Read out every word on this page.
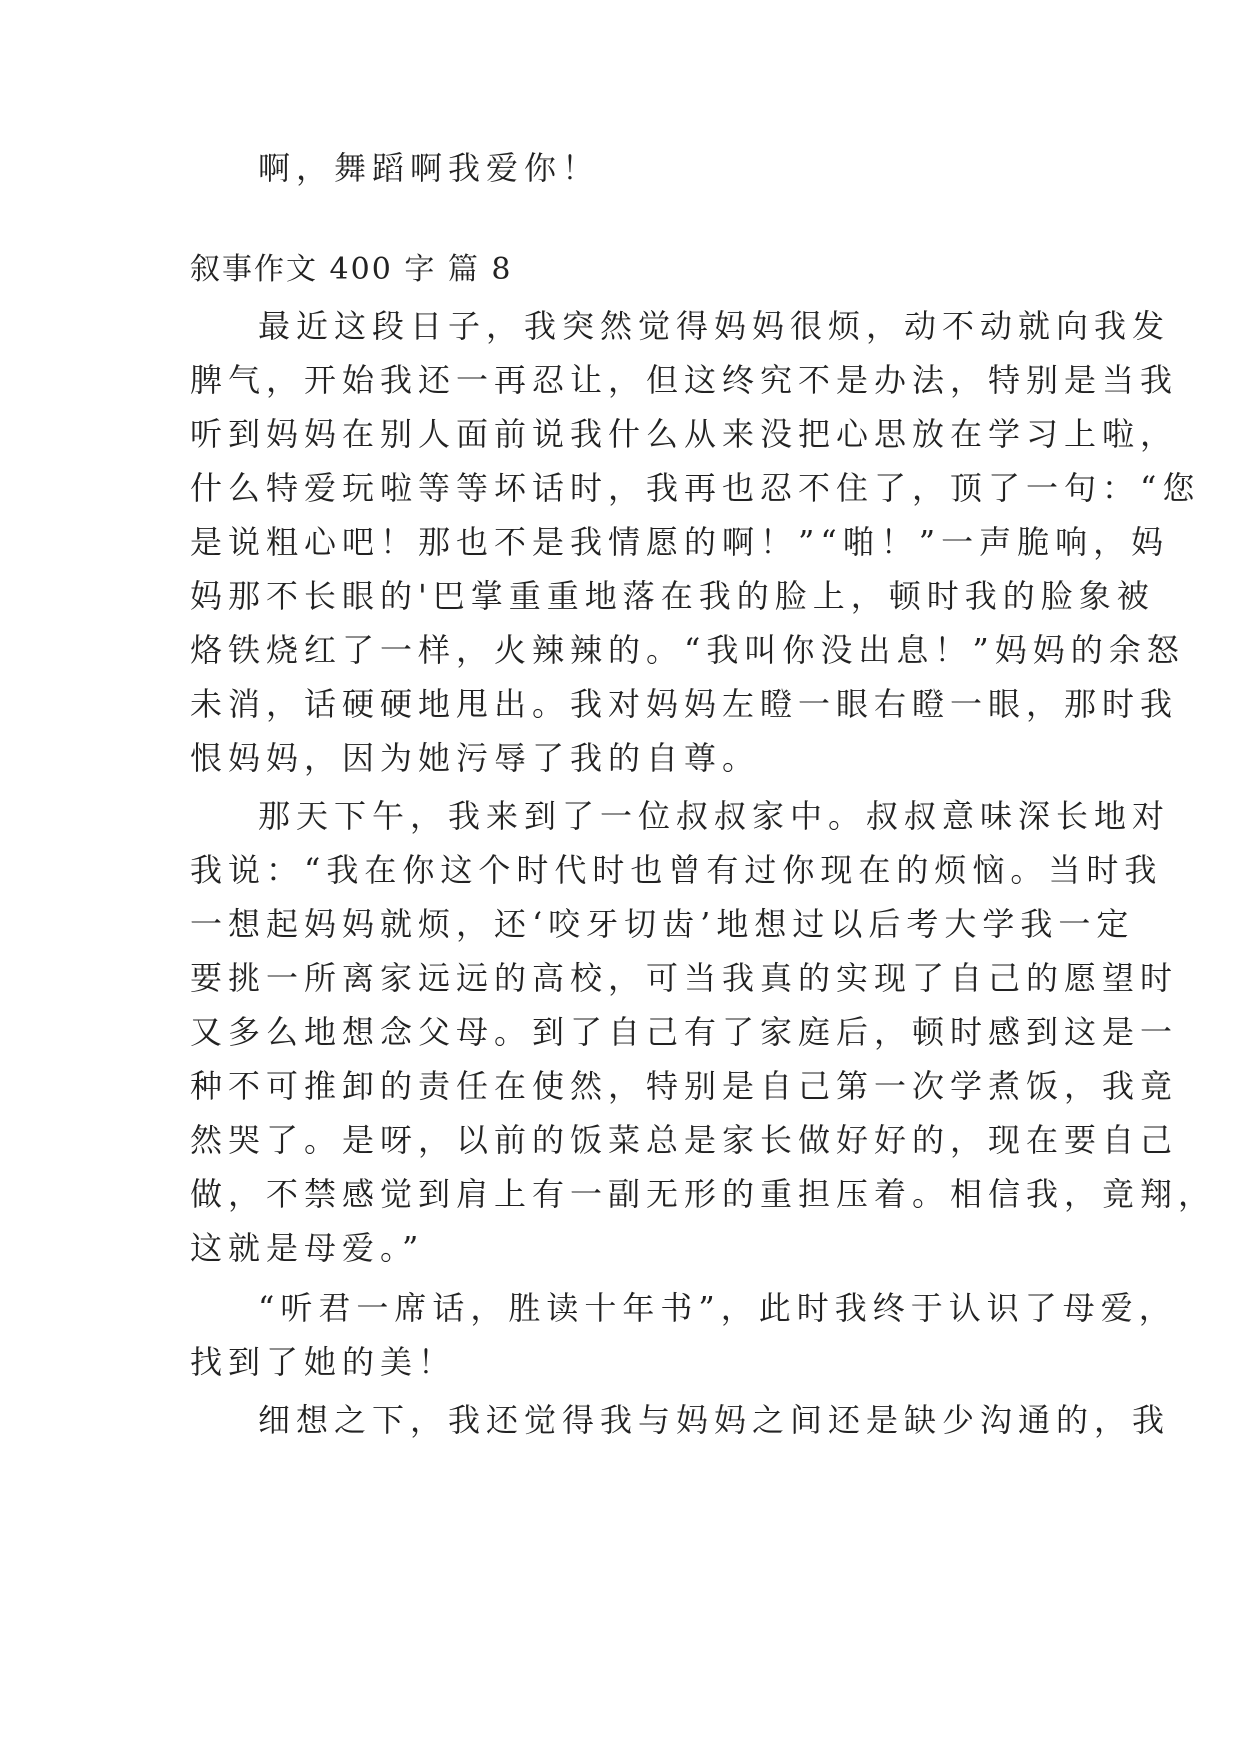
啊，舞蹈啊我爱你！
叙事作文 400 字 篇 8
最近这段日子，我突然觉得妈妈很烦，动不动就向我发
脾气，开始我还一再忍让，但这终究不是办法，特别是当我
听到妈妈在别人面前说我什么从来没把心思放在学习上啦，
什么特爱玩啦等等坏话时，我再也忍不住了，顶了一句：“您
是说粗心吧！那也不是我情愿的啊！”“啪！”一声脆响，妈
妈那不长眼的'巴掌重重地落在我的脸上，顿时我的脸象被
烙铁烧红了一样，火辣辣的。“我叫你没出息！”妈妈的余怒
未消，话硬硬地甩出。我对妈妈左瞪一眼右瞪一眼，那时我
恨妈妈，因为她污辱了我的自尊。
那天下午，我来到了一位叔叔家中。叔叔意味深长地对
我说：“我在你这个时代时也曾有过你现在的烦恼。当时我
一想起妈妈就烦，还‘咬牙切齿’地想过以后考大学我一定
要挑一所离家远远的高校，可当我真的实现了自己的愿望时
又多么地想念父母。到了自己有了家庭后，顿时感到这是一
种不可推卸的责任在使然，特别是自己第一次学煮饭，我竟
然哭了。是呀，以前的饭菜总是家长做好好的，现在要自己
做，不禁感觉到肩上有一副无形的重担压着。相信我，竟翔，
这就是母爱。”
“听君一席话，胜读十年书”，此时我终于认识了母爱，
找到了她的美！
细想之下，我还觉得我与妈妈之间还是缺少沟通的，我
